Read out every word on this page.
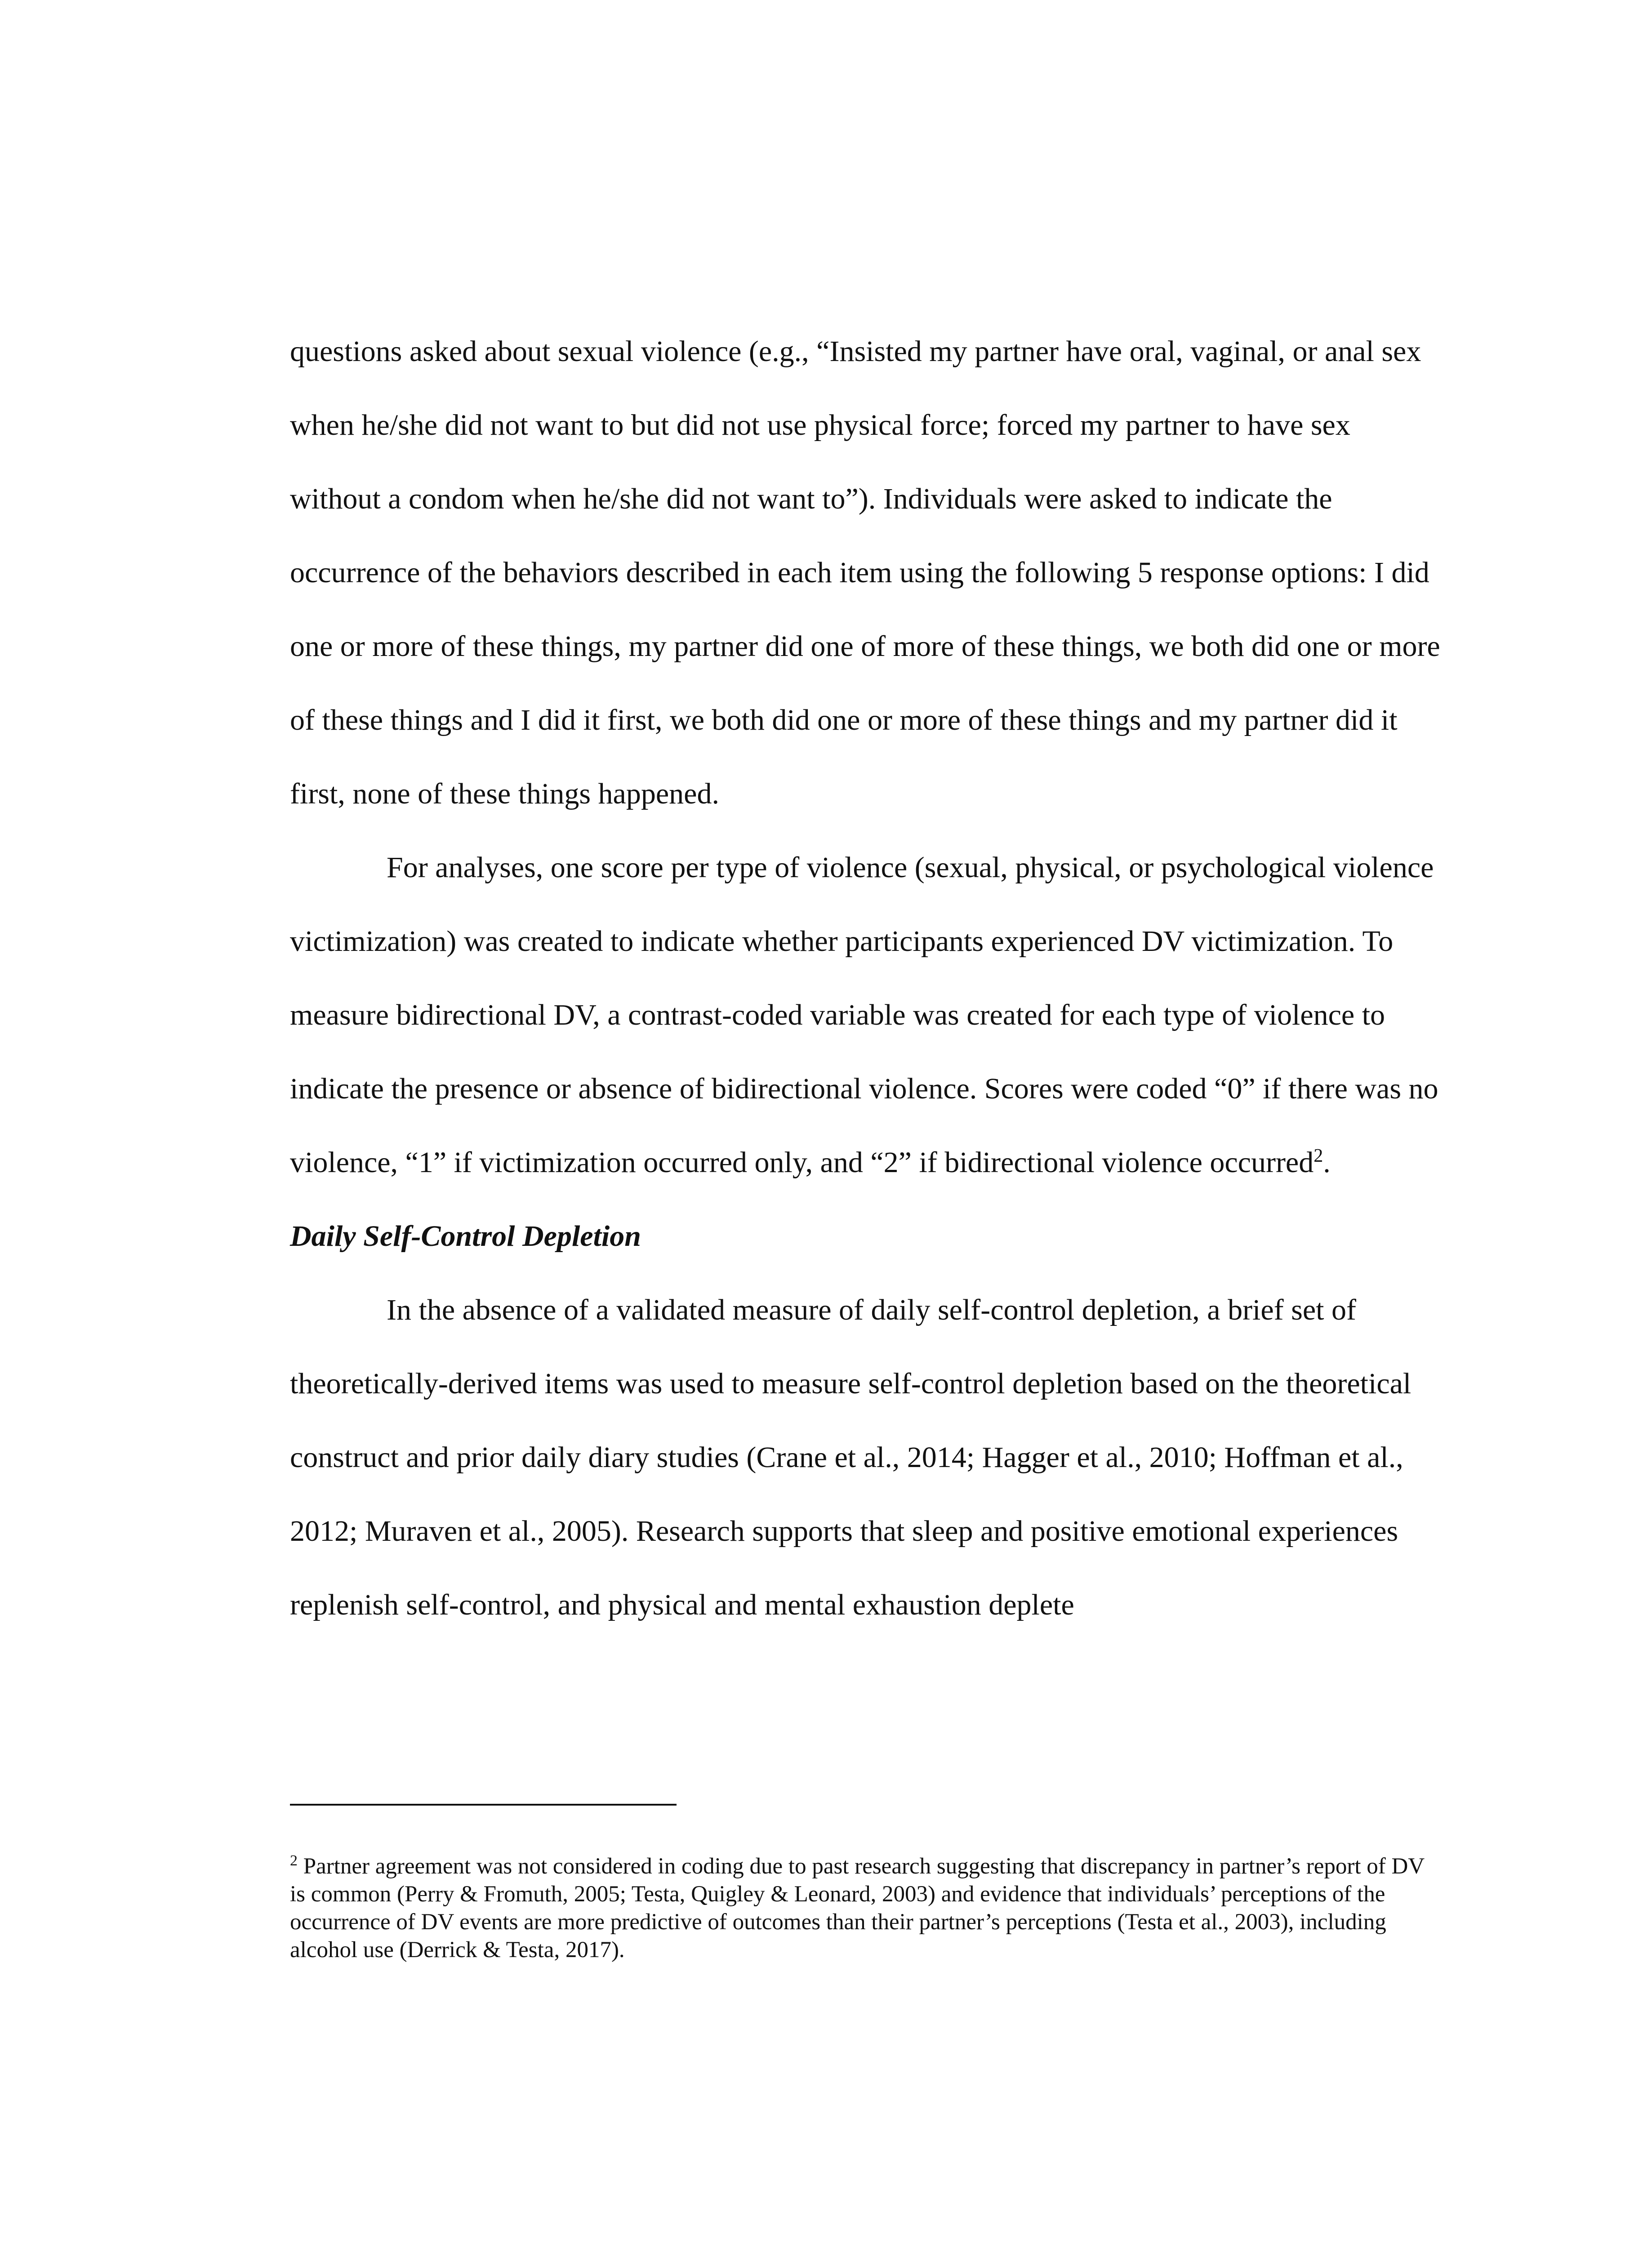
questions asked about sexual violence (e.g., “Insisted my partner have oral, vaginal, or anal sex when he/she did not want to but did not use physical force; forced my partner to have sex without a condom when he/she did not want to”). Individuals were asked to indicate the occurrence of the behaviors described in each item using the following 5 response options: I did one or more of these things, my partner did one of more of these things, we both did one or more of these things and I did it first, we both did one or more of these things and my partner did it first, none of these things happened.

For analyses, one score per type of violence (sexual, physical, or psychological violence victimization) was created to indicate whether participants experienced DV victimization. To measure bidirectional DV, a contrast-coded variable was created for each type of violence to indicate the presence or absence of bidirectional violence. Scores were coded “0” if there was no violence, “1” if victimization occurred only, and “2” if bidirectional violence occurred$^2$.

Daily Self-Control Depletion

In the absence of a validated measure of daily self-control depletion, a brief set of theoretically-derived items was used to measure self-control depletion based on the theoretical construct and prior daily diary studies (Crane et al., 2014; Hagger et al., 2010; Hoffman et al., 2012; Muraven et al., 2005). Research supports that sleep and positive emotional experiences replenish self-control, and physical and mental exhaustion deplete

$^2$ Partner agreement was not considered in coding due to past research suggesting that discrepancy in partner’s report of DV is common (Perry & Fromuth, 2005; Testa, Quigley & Leonard, 2003) and evidence that individuals’ perceptions of the occurrence of DV events are more predictive of outcomes than their partner’s perceptions (Testa et al., 2003), including alcohol use (Derrick & Testa, 2017).
